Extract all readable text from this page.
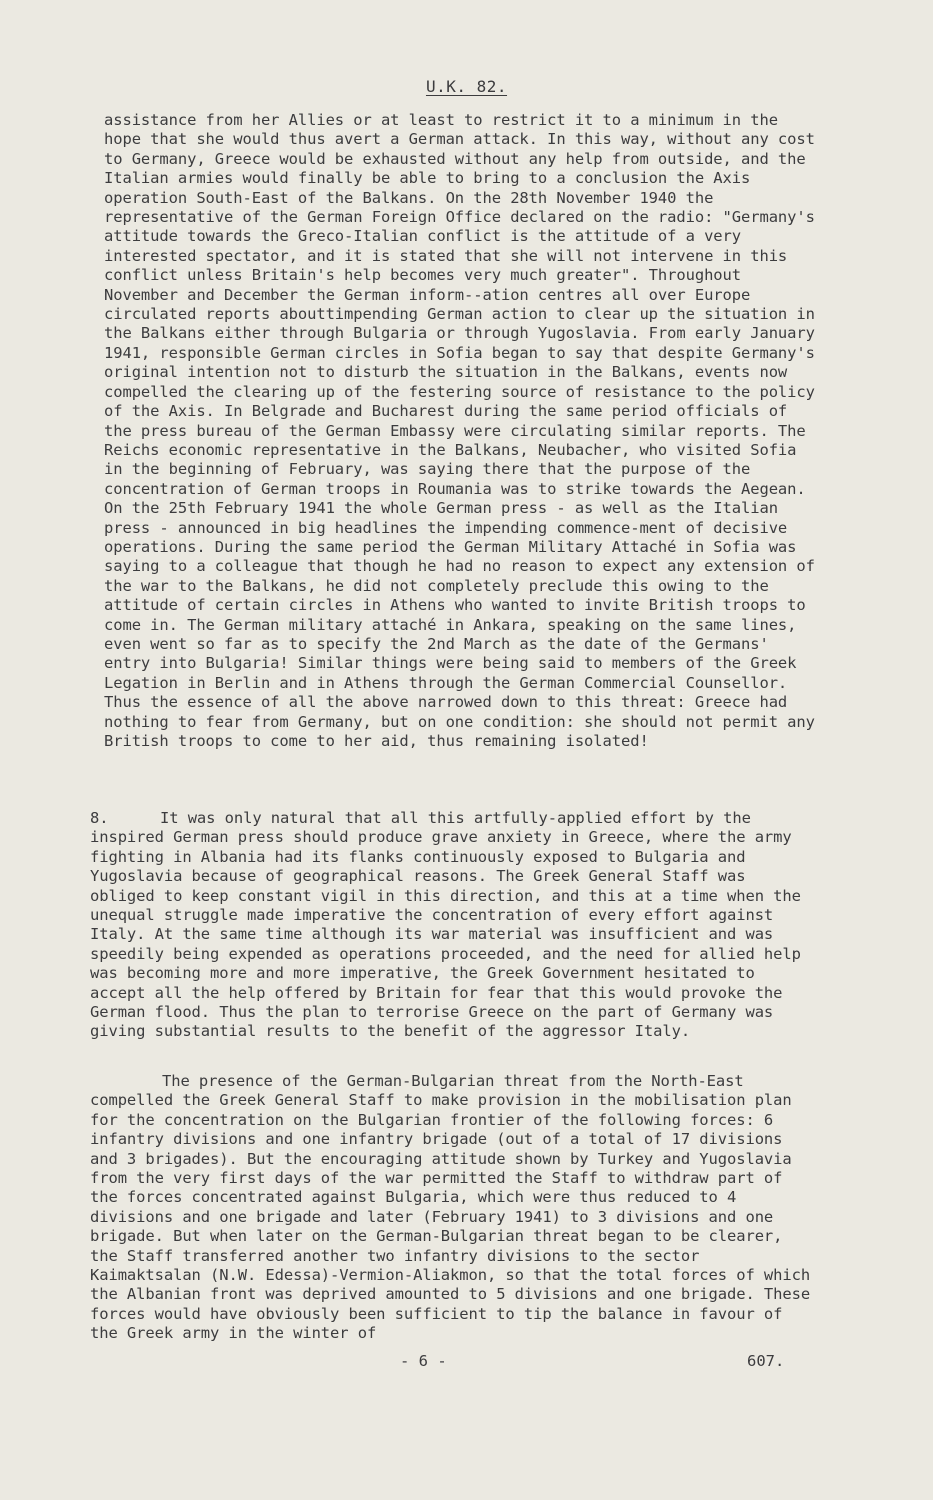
U.K. 82.

assistance from her Allies or at least to restrict it to a minimum in the hope that she would thus avert a German attack. In this way, without any cost to Germany, Greece would be exhausted without any help from outside, and the Italian armies would finally be able to bring to a conclusion the Axis operation South-East of the Balkans. On the 28th November 1940 the representative of the German Foreign Office declared on the radio: "Germany's attitude towards the Greco-Italian conflict is the attitude of a very interested spectator, and it is stated that she will not intervene in this conflict unless Britain's help becomes very much greater". Throughout November and December the German inform--ation centres all over Europe circulated reports abouttimpending German action to clear up the situation in the Balkans either through Bulgaria or through Yugoslavia. From early January 1941, responsible German circles in Sofia began to say that despite Germany's original intention not to disturb the situation in the Balkans, events now compelled the clearing up of the festering source of resistance to the policy of the Axis. In Belgrade and Bucharest during the same period officials of the press bureau of the German Embassy were circulating similar reports. The Reichs economic representative in the Balkans, Neubacher, who visited Sofia in the beginning of February, was saying there that the purpose of the concentration of German troops in Roumania was to strike towards the Aegean. On the 25th February 1941 the whole German press - as well as the Italian press - announced in big headlines the impending commence-ment of decisive operations. During the same period the German Military Attaché in Sofia was saying to a colleague that though he had no reason to expect any extension of the war to the Balkans, he did not completely preclude this owing to the attitude of certain circles in Athens who wanted to invite British troops to come in. The German military attaché in Ankara, speaking on the same lines, even went so far as to specify the 2nd March as the date of the Germans' entry into Bulgaria! Similar things were being said to members of the Greek Legation in Berlin and in Athens through the German Commercial Counsellor. Thus the essence of all the above narrowed down to this threat: Greece had nothing to fear from Germany, but on one condition: she should not permit any British troops to come to her aid, thus remaining isolated!

8.	It was only natural that all this artfully-applied effort by the inspired German press should produce grave anxiety in Greece, where the army fighting in Albania had its flanks continuously exposed to Bulgaria and Yugoslavia because of geographical reasons. The Greek General Staff was obliged to keep constant vigil in this direction, and this at a time when the unequal struggle made imperative the concentration of every effort against Italy. At the same time although its war material was insufficient and was speedily being expended as operations proceeded, and the need for allied help was becoming more and more imperative, the Greek Government hesitated to accept all the help offered by Britain for fear that this would provoke the German flood. Thus the plan to terrorise Greece on the part of Germany was giving substantial results to the benefit of the aggressor Italy.

The presence of the German-Bulgarian threat from the North-East compelled the Greek General Staff to make provision in the mobilisation plan for the concentration on the Bulgarian frontier of the following forces: 6 infantry divisions and one infantry brigade (out of a total of 17 divisions and 3 brigades). But the encouraging attitude shown by Turkey and Yugoslavia from the very first days of the war permitted the Staff to withdraw part of the forces concentrated against Bulgaria, which were thus reduced to 4 divisions and one brigade and later (February 1941) to 3 divisions and one brigade. But when later on the German-Bulgarian threat began to be clearer, the Staff transferred another two infantry divisions to the sector Kaimaktsalan (N.W. Edessa)-Vermion-Aliakmon, so that the total forces of which the Albanian front was deprived amounted to 5 divisions and one brigade. These forces would have obviously been sufficient to tip the balance in favour of the Greek army in the winter of

- 6 -	607.
